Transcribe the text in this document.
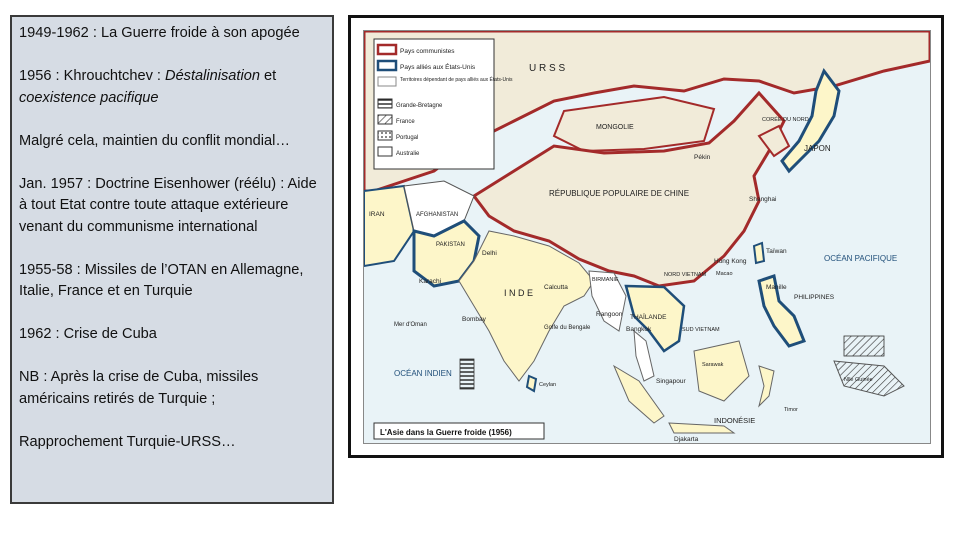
1949-1962 : La Guerre froide à son apogée

1956 : Khrouchtchev : Déstalinisation et coexistence pacifique

Malgré cela, maintien du conflit mondial…

Jan. 1957 : Doctrine Eisenhower (réélu) : Aide à tout Etat contre toute attaque extérieure venant du communisme international

1955-58 : Missiles de l’OTAN en Allemagne, Italie, France et en Turquie

1962 : Crise de Cuba

NB : Après la crise de Cuba, missiles américains retirés de Turquie ;

Rapprochement Turquie-URSS…

Pays communistes
Pays alliés aux États-Unis
Territoires dépendant de pays alliés aux États-Unis
Grande-Bretagne
France
Portugal
Australie
U R S S
MONGOLIE
RÉPUBLIQUE POPULAIRE DE CHINE
I N D E
JAPON
AFGHANISTAN
PAKISTAN
IRAN
OCÉAN PACIFIQUE
OCÉAN INDIEN
INDONÉSIE
PHILIPPINES
THAÏLANDE
Pékin
Shanghai
Hong Kong
Delhi
Calcutta
Bombay
Karachi
Rangoon
Bangkok
Singapour
Djakarta
Manille
Taïwan
CORÉE DU NORD
Golfe du Bengale
Mer d'Oman
SUD VIETNAM
NORD VIETNAM
BIRMANIE
Macao
Ceylan
Sarawak
Timor
Nlle Guinée
L'Asie dans la Guerre froide (1956)
